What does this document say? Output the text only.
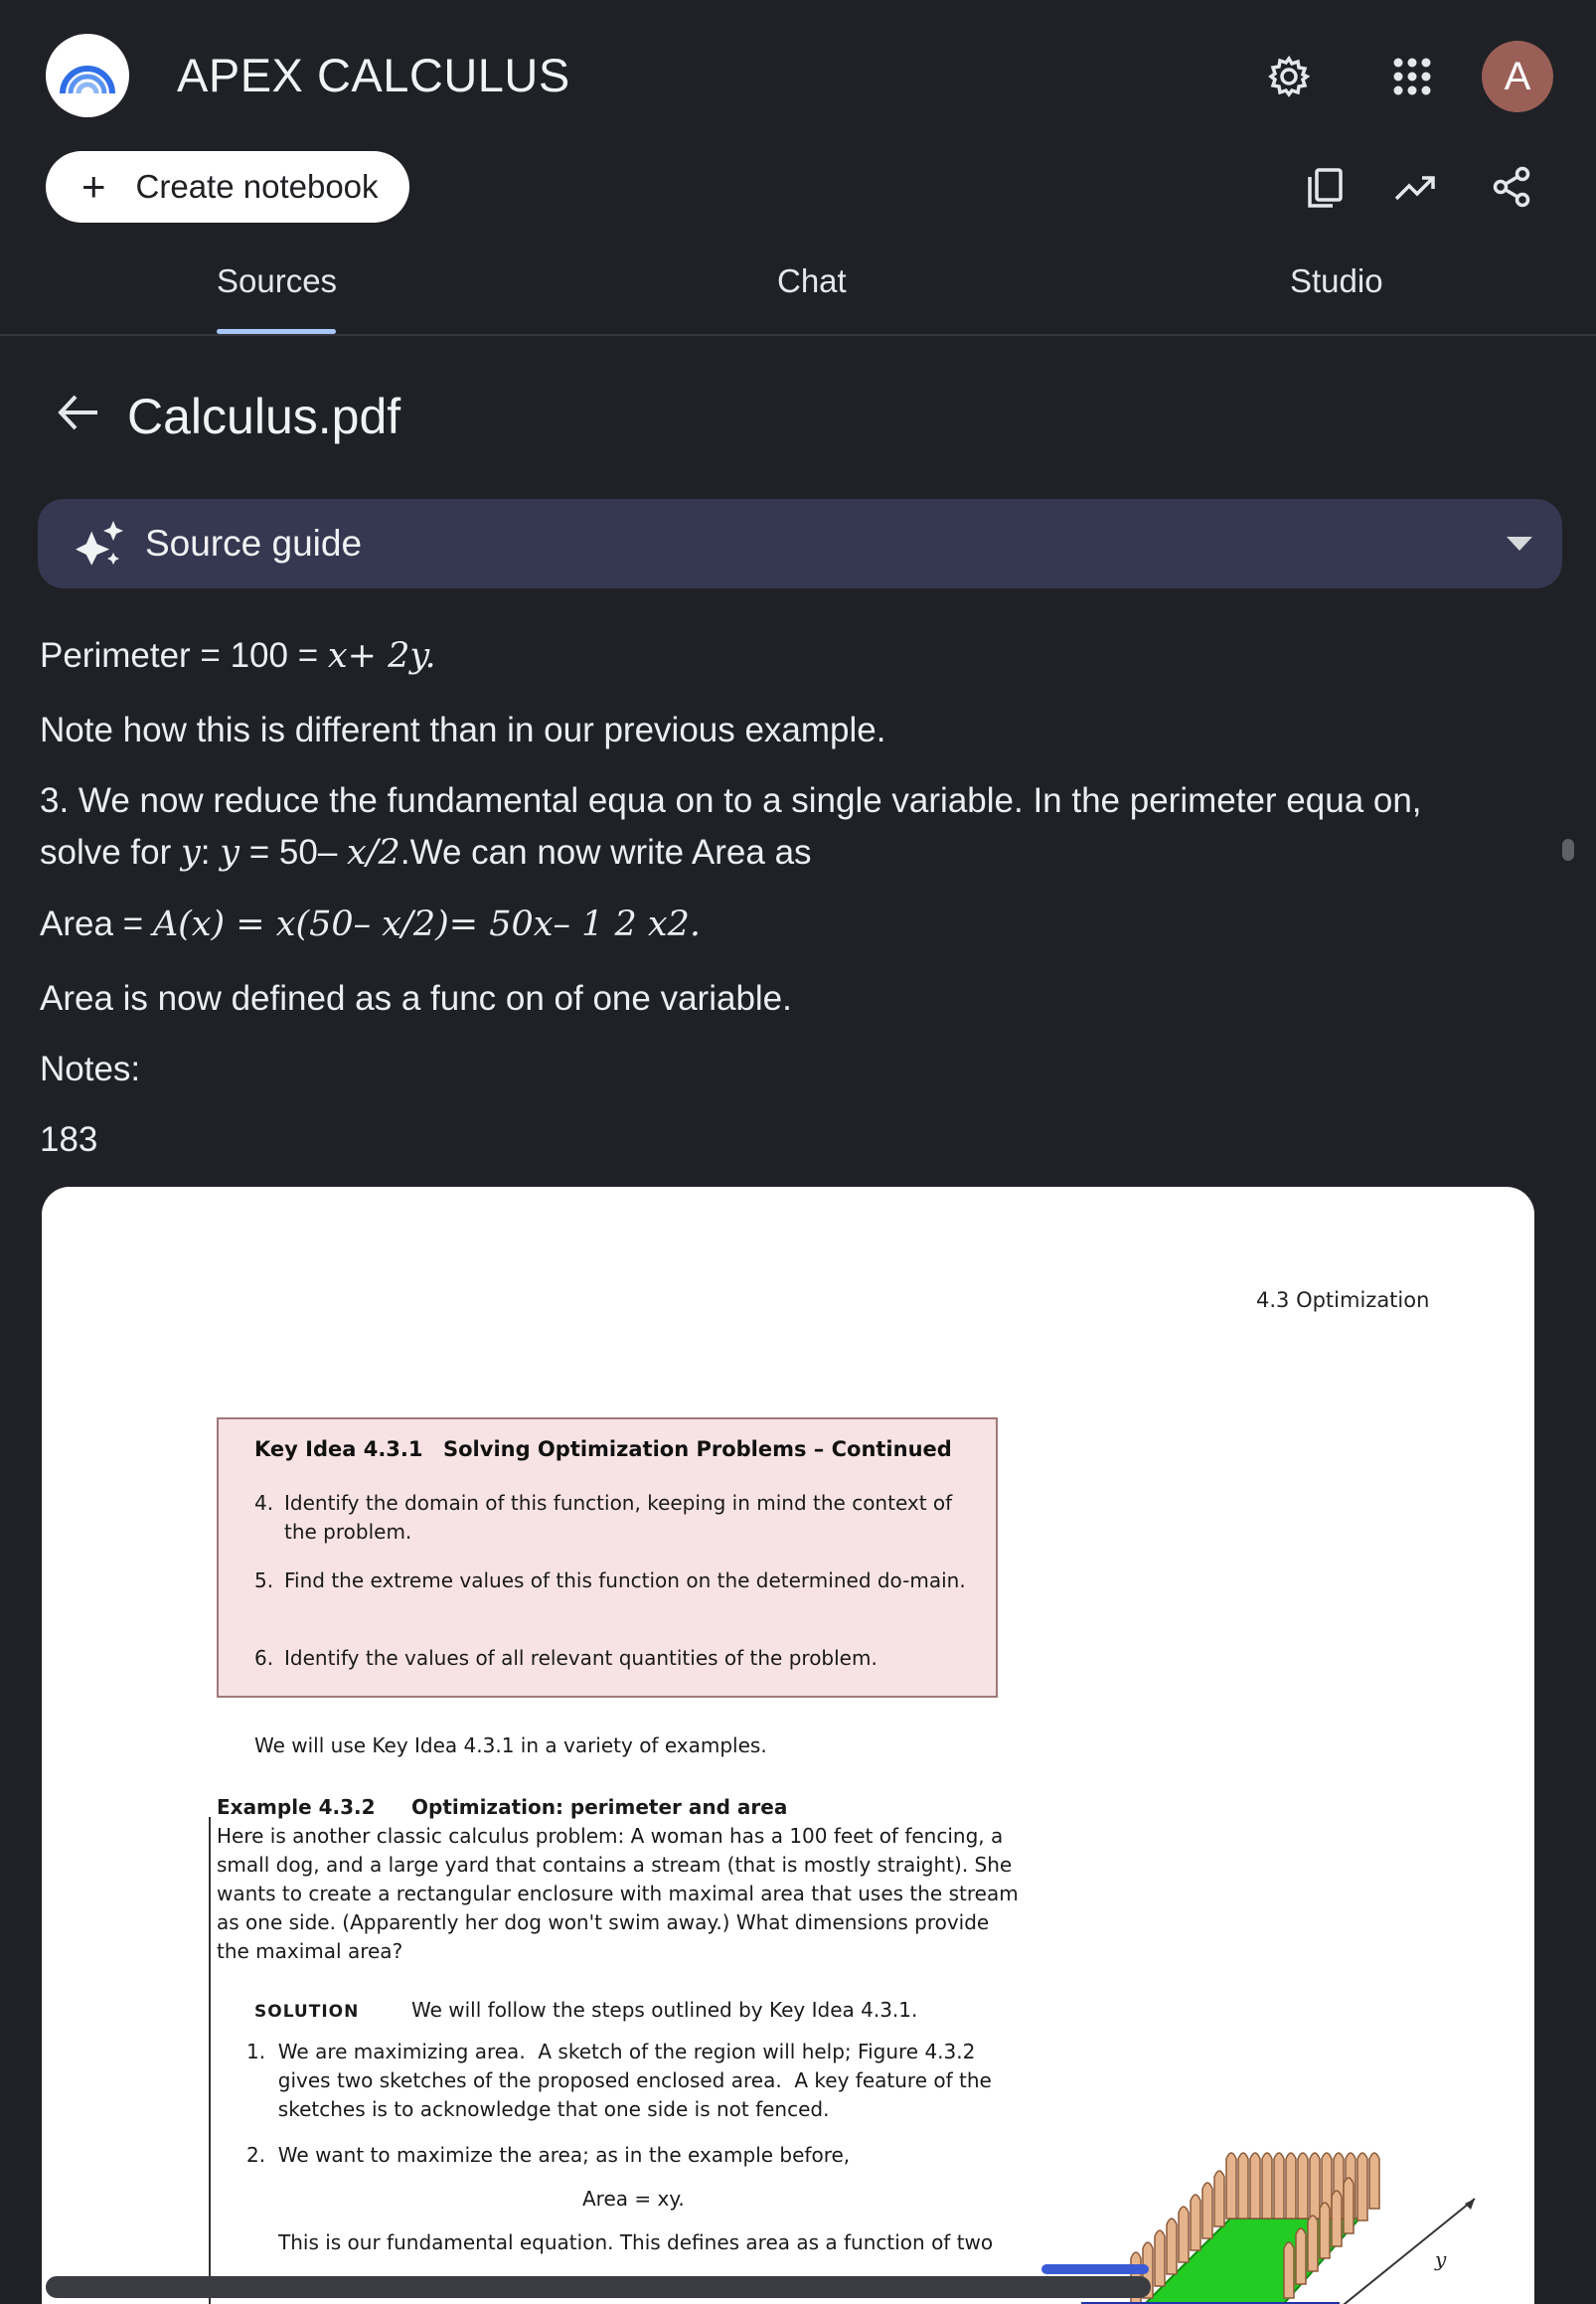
APEX CALCULUS	A
+ Create notebook
Sources	Chat	Studio
Calculus.pdf
Source guide
Perimeter = 100 = x+ 2y.
Note how this is different than in our previous example.
3. We now reduce the fundamental equa on to a single variable. In the perimeter equa on,
solve for y: y = 50– x/2.We can now write Area as
Area = A(x) = x(50– x/2)= 50x– 1 2 x2.
Area is now defined as a func on of one variable.
Notes:
183
4.3 Optimization
Key Idea 4.3.1 Solving Optimization Problems – Continued
4. Identify the domain of this function, keeping in mind the context of the problem.
5. Find the extreme values of this function on the determined do-main.
6. Identify the values of all relevant quantities of the problem.
We will use Key Idea 4.3.1 in a variety of examples.
Example 4.3.2 Optimization: perimeter and area
Here is another classic calculus problem: A woman has a 100 feet of fencing, a
small dog, and a large yard that contains a stream (that is mostly straight). She
wants to create a rectangular enclosure with maximal area that uses the stream
as one side. (Apparently her dog won't swim away.) What dimensions provide
the maximal area?
SOLUTION	We will follow the steps outlined by Key Idea 4.3.1.
1.  We are maximizing area.  A sketch of the region will help; Figure 4.3.2
gives two sketches of the proposed enclosed area.  A key feature of the
sketches is to acknowledge that one side is not fenced.
2.  We want to maximize the area; as in the example before,
Area = xy.
This is our fundamental equation. This defines area as a function of two
y
